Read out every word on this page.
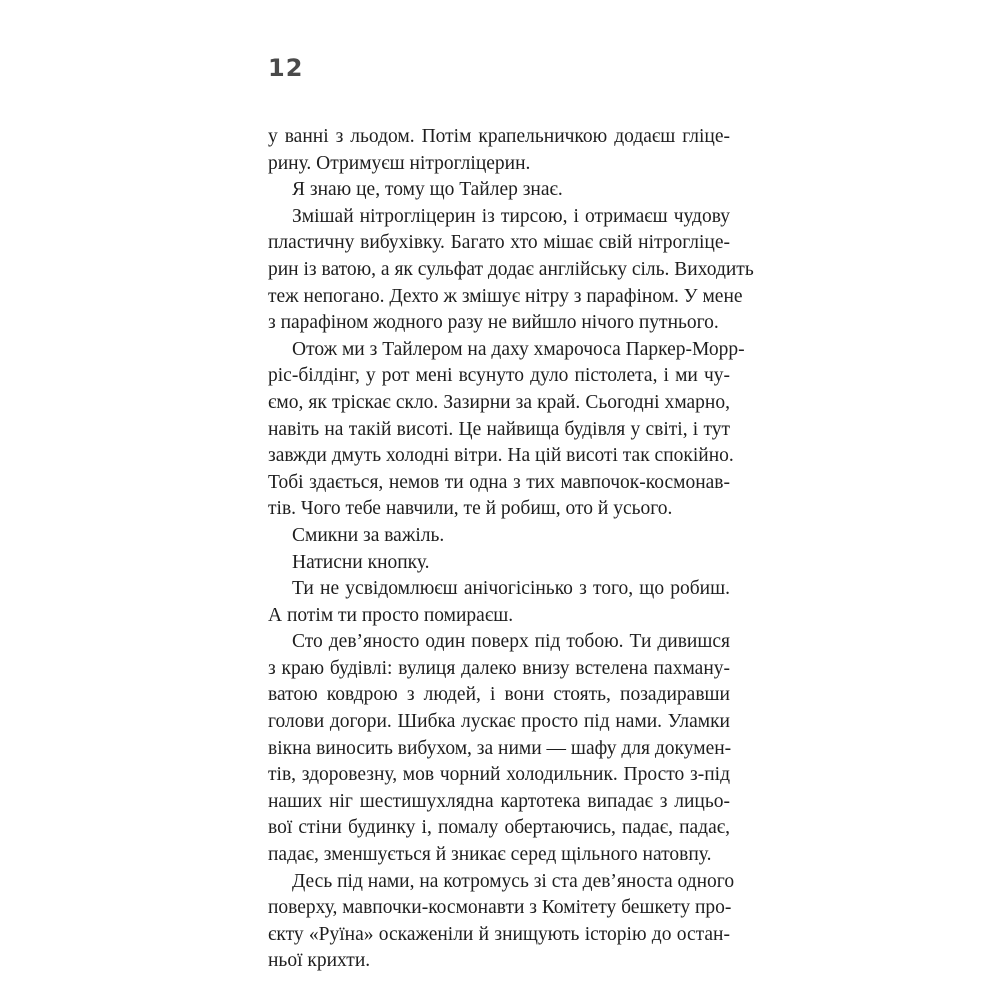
12
у ванні з льодом. Потім крапельничкою додаєш гліце-
рину. Отримуєш нітрогліцерин.
Я знаю це, тому що Тайлер знає.
Змішай нітрогліцерин із тирсою, і отримаєш чудову
пластичну вибухівку. Багато хто мішає свій нітрогліце-
рин із ватою, а як сульфат додає англійську сіль. Виходить
теж непогано. Дехто ж змішує нітру з парафіном. У мене
з парафіном жодного разу не вийшло нічого путнього.
Отож ми з Тайлером на даху хмарочоса Паркер-Морр-
ріс-білдінг, у рот мені всунуто дуло пістолета, і ми чу-
ємо, як тріскає скло. Зазирни за край. Сьогодні хмарно,
навіть на такій висоті. Це найвища будівля у світі, і тут
завжди дмуть холодні вітри. На цій висоті так спокійно.
Тобі здається, немов ти одна з тих мавпочок-космонав-
тів. Чого тебе навчили, те й робиш, ото й усього.
Смикни за важіль.
Натисни кнопку.
Ти не усвідомлюєш анічогісінько з того, що робиш.
А потім ти просто помираєш.
Сто дев’яносто один поверх під тобою. Ти дивишся
з краю будівлі: вулиця далеко внизу встелена пахману-
ватою ковдрою з людей, і вони стоять, позадиравши
голови догори. Шибка лускає просто під нами. Уламки
вікна виносить вибухом, за ними — шафу для докумен-
тів, здоровезну, мов чорний холодильник. Просто з-під
наших ніг шестишухлядна картотека випадає з лицьо-
вої стіни будинку і, помалу обертаючись, падає, падає,
падає, зменшується й зникає серед щільного натовпу.
Десь під нами, на котромусь зі ста дев’яноста одного
поверху, мавпочки-космонавти з Комітету бешкету про-
єкту «Руїна» оскаженіли й знищують історію до остан-
ньої крихти.
